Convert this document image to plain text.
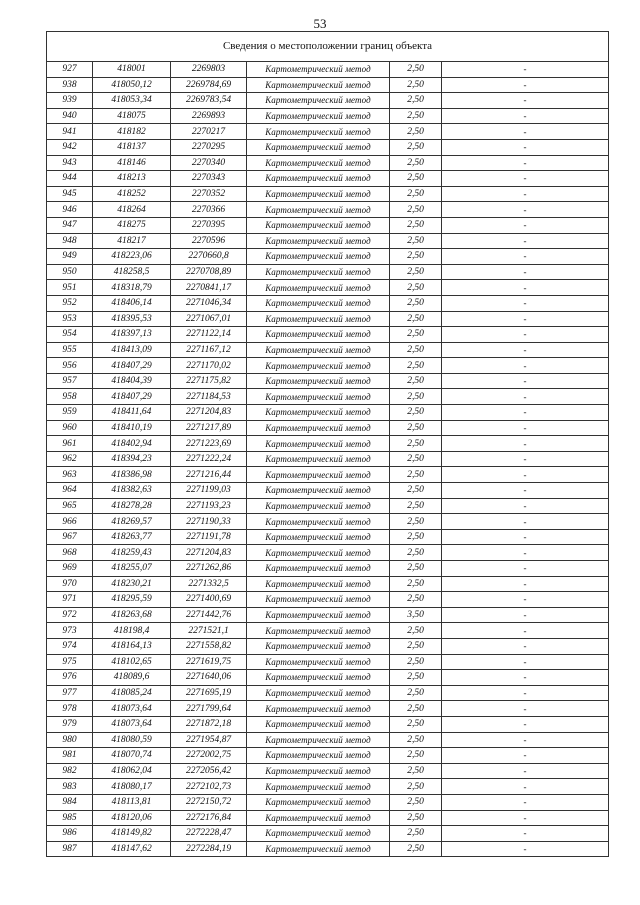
53
Сведения о местоположении границ объекта					
927	418001	2269803	Картометрический метод	2,50	-
938	418050,12	2269784,69	Картометрический метод	2,50	-
939	418053,34	2269783,54	Картометрический метод	2,50	-
940	418075	2269893	Картометрический метод	2,50	-
941	418182	2270217	Картометрический метод	2,50	-
942	418137	2270295	Картометрический метод	2,50	-
943	418146	2270340	Картометрический метод	2,50	-
944	418213	2270343	Картометрический метод	2,50	-
945	418252	2270352	Картометрический метод	2,50	-
946	418264	2270366	Картометрический метод	2,50	-
947	418275	2270395	Картометрический метод	2,50	-
948	418217	2270596	Картометрический метод	2,50	-
949	418223,06	2270660,8	Картометрический метод	2,50	-
950	418258,5	2270708,89	Картометрический метод	2,50	-
951	418318,79	2270841,17	Картометрический метод	2,50	-
952	418406,14	2271046,34	Картометрический метод	2,50	-
953	418395,53	2271067,01	Картометрический метод	2,50	-
954	418397,13	2271122,14	Картометрический метод	2,50	-
955	418413,09	2271167,12	Картометрический метод	2,50	-
956	418407,29	2271170,02	Картометрический метод	2,50	-
957	418404,39	2271175,82	Картометрический метод	2,50	-
958	418407,29	2271184,53	Картометрический метод	2,50	-
959	418411,64	2271204,83	Картометрический метод	2,50	-
960	418410,19	2271217,89	Картометрический метод	2,50	-
961	418402,94	2271223,69	Картометрический метод	2,50	-
962	418394,23	2271222,24	Картометрический метод	2,50	-
963	418386,98	2271216,44	Картометрический метод	2,50	-
964	418382,63	2271199,03	Картометрический метод	2,50	-
965	418278,28	2271193,23	Картометрический метод	2,50	-
966	418269,57	2271190,33	Картометрический метод	2,50	-
967	418263,77	2271191,78	Картометрический метод	2,50	-
968	418259,43	2271204,83	Картометрический метод	2,50	-
969	418255,07	2271262,86	Картометрический метод	2,50	-
970	418230,21	2271332,5	Картометрический метод	2,50	-
971	418295,59	2271400,69	Картометрический метод	2,50	-
972	418263,68	2271442,76	Картометрический метод	3,50	-
973	418198,4	2271521,1	Картометрический метод	2,50	-
974	418164,13	2271558,82	Картометрический метод	2,50	-
975	418102,65	2271619,75	Картометрический метод	2,50	-
976	418089,6	2271640,06	Картометрический метод	2,50	-
977	418085,24	2271695,19	Картометрический метод	2,50	-
978	418073,64	2271799,64	Картометрический метод	2,50	-
979	418073,64	2271872,18	Картометрический метод	2,50	-
980	418080,59	2271954,87	Картометрический метод	2,50	-
981	418070,74	2272002,75	Картометрический метод	2,50	-
982	418062,04	2272056,42	Картометрический метод	2,50	-
983	418080,17	2272102,73	Картометрический метод	2,50	-
984	418113,81	2272150,72	Картометрический метод	2,50	-
985	418120,06	2272176,84	Картометрический метод	2,50	-
986	418149,82	2272228,47	Картометрический метод	2,50	-
987	418147,62	2272284,19	Картометрический метод	2,50	-
